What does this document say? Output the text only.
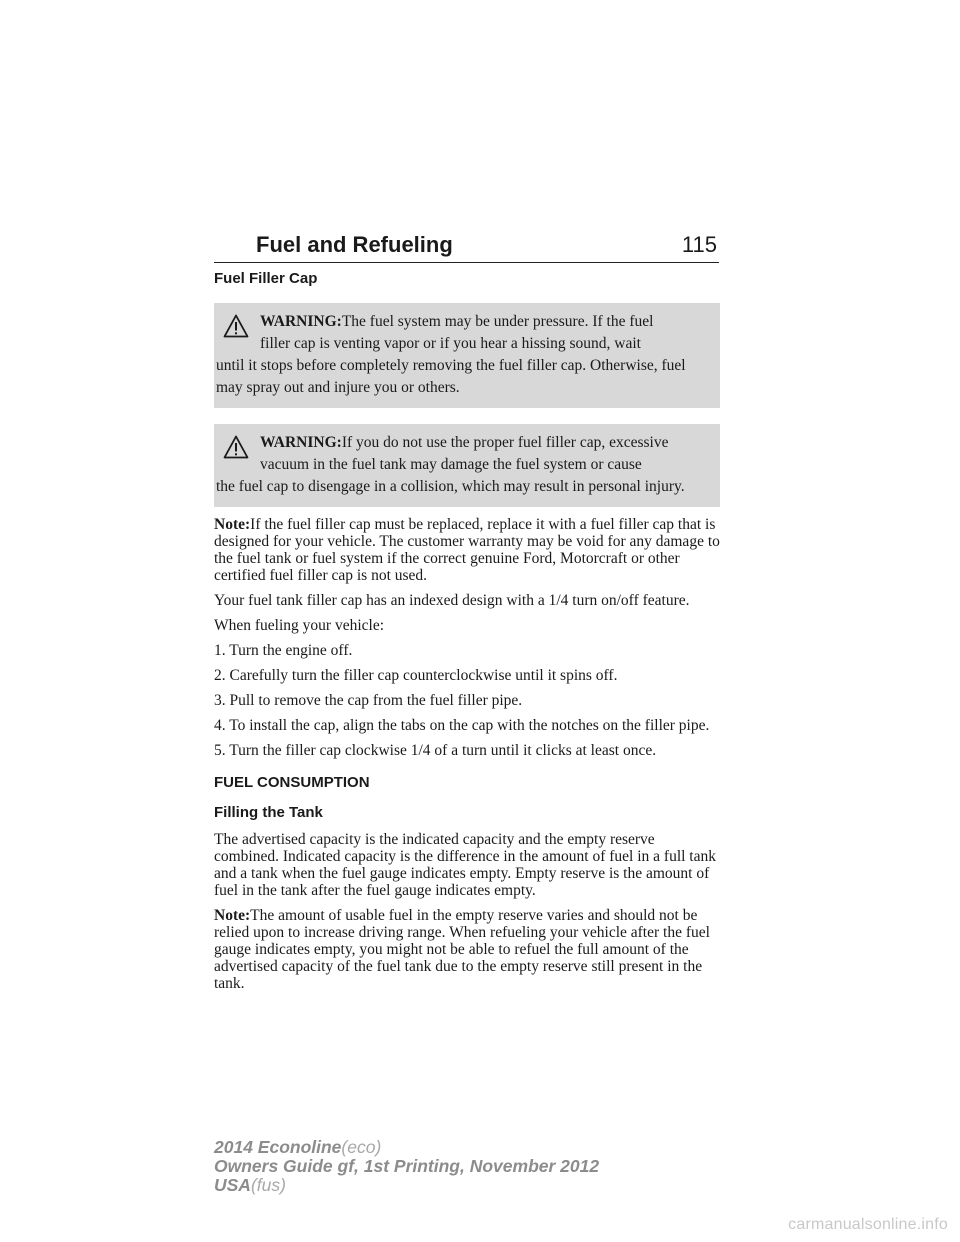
Fuel and Refueling	115
Fuel Filler Cap
WARNING:The fuel system may be under pressure. If the fuel
filler cap is venting vapor or if you hear a hissing sound, wait
until it stops before completely removing the fuel filler cap. Otherwise, fuel may spray out and injure you or others.
WARNING:If you do not use the proper fuel filler cap, excessive
vacuum in the fuel tank may damage the fuel system or cause
the fuel cap to disengage in a collision, which may result in personal injury.

Note:If the fuel filler cap must be replaced, replace it with a fuel filler cap that is designed for your vehicle. The customer warranty may be void for any damage to the fuel tank or fuel system if the correct genuine Ford, Motorcraft or other certified fuel filler cap is not used.

Your fuel tank filler cap has an indexed design with a 1/4 turn on/off feature.

When fueling your vehicle:

1. Turn the engine off.

2. Carefully turn the filler cap counterclockwise until it spins off.

3. Pull to remove the cap from the fuel filler pipe.

4. To install the cap, align the tabs on the cap with the notches on the filler pipe.

5. Turn the filler cap clockwise 1/4 of a turn until it clicks at least once.

FUEL CONSUMPTION
Filling the Tank

The advertised capacity is the indicated capacity and the empty reserve combined. Indicated capacity is the difference in the amount of fuel in a full tank and a tank when the fuel gauge indicates empty. Empty reserve is the amount of fuel in the tank after the fuel gauge indicates empty.

Note:The amount of usable fuel in the empty reserve varies and should not be relied upon to increase driving range. When refueling your vehicle after the fuel gauge indicates empty, you might not be able to refuel the full amount of the advertised capacity of the fuel tank due to the empty reserve still present in the tank.

2014 Econoline(eco)
Owners Guide gf, 1st Printing, November 2012
USA(fus)
carmanualsonline.info
